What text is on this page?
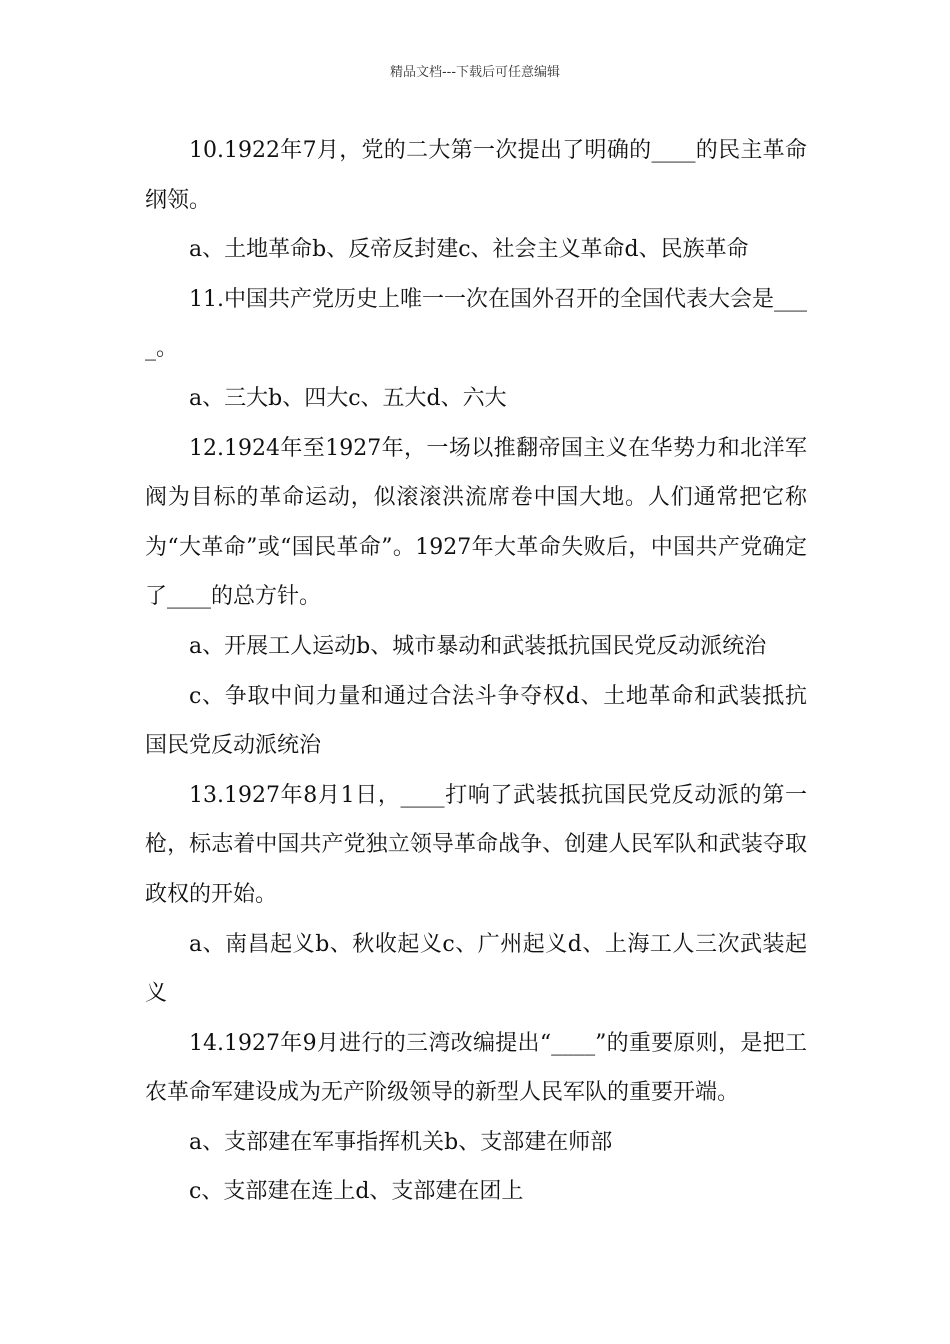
精品文档---下载后可任意编辑

10.1922年7月，党的二大第一次提出了明确的____的民主革命纲领。

a、土地革命b、反帝反封建c、社会主义革命d、民族革命

11.中国共产党历史上唯一一次在国外召开的全国代表大会是____。

a、三大b、四大c、五大d、六大

12.1924年至1927年，一场以推翻帝国主义在华势力和北洋军阀为目标的革命运动，似滚滚洪流席卷中国大地。人们通常把它称为“大革命”或“国民革命”。1927年大革命失败后，中国共产党确定了____的总方针。

a、开展工人运动b、城市暴动和武装抵抗国民党反动派统治

c、争取中间力量和通过合法斗争夺权d、土地革命和武装抵抗国民党反动派统治

13.1927年8月1日，____打响了武装抵抗国民党反动派的第一枪，标志着中国共产党独立领导革命战争、创建人民军队和武装夺取政权的开始。

a、南昌起义b、秋收起义c、广州起义d、上海工人三次武装起义

14.1927年9月进行的三湾改编提出“____”的重要原则，是把工农革命军建设成为无产阶级领导的新型人民军队的重要开端。

a、支部建在军事指挥机关b、支部建在师部

c、支部建在连上d、支部建在团上
